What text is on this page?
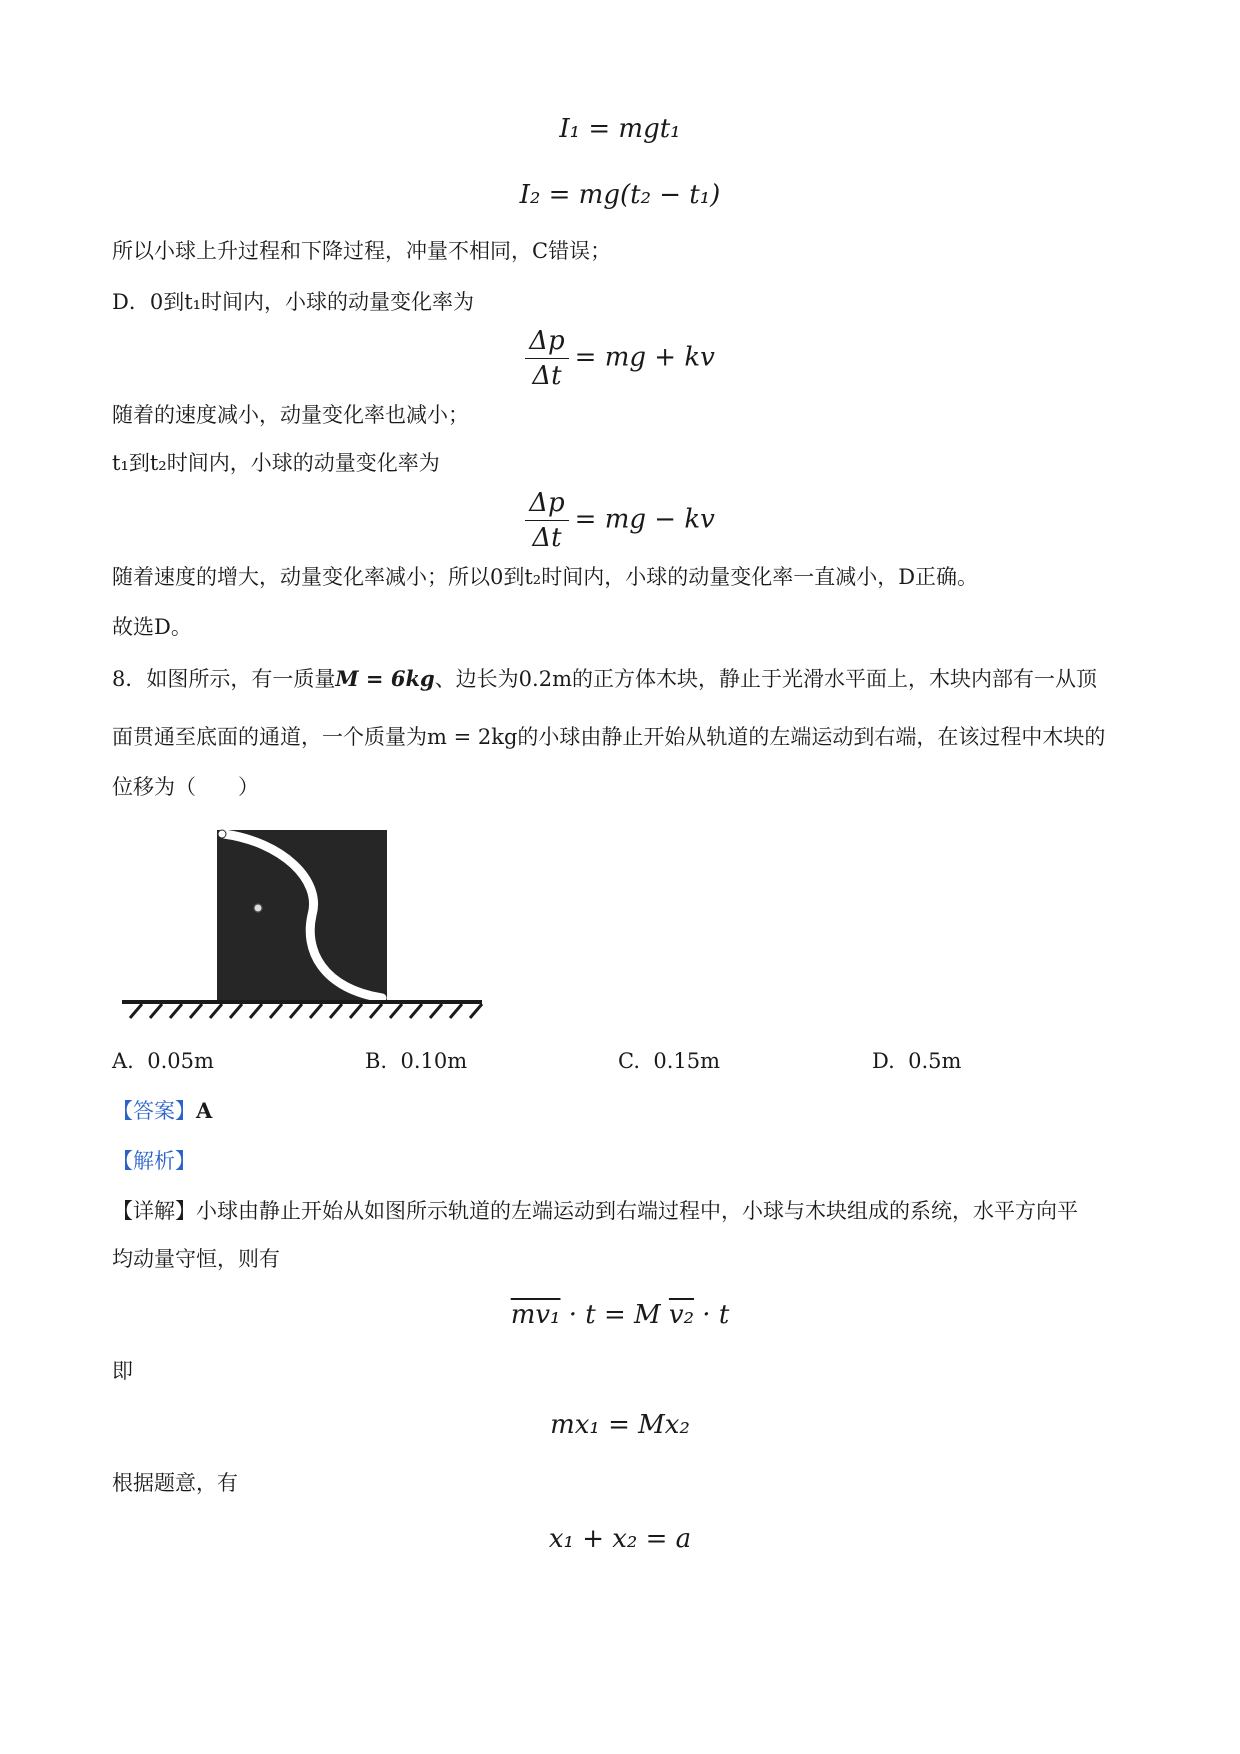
I₁ = mgt₁
I₂ = mg(t₂ − t₁)
所以小球上升过程和下降过程，冲量不相同，C错误；
D．0到t₁时间内，小球的动量变化率为
$\frac{\Delta p}{\Delta t}$ = mg + kv
随着的速度减小，动量变化率也减小；
t₁到t₂时间内，小球的动量变化率为
$\frac{\Delta p}{\Delta t}$ = mg − kv
随着速度的增大，动量变化率减小；所以0到t₂时间内，小球的动量变化率一直减小，D正确。
故选D。
8．如图所示，有一质量M = 6kg、边长为0.2m的正方体木块，静止于光滑水平面上，木块内部有一从顶
面贯通至底面的通道，一个质量为m = 2kg的小球由静止开始从轨道的左端运动到右端，在该过程中木块的
位移为（　　）
A. 0.05m	B. 0.10m	C. 0.15m	D. 0.5m
【答案】A
【解析】
【详解】小球由静止开始从如图所示轨道的左端运动到右端过程中，小球与木块组成的系统，水平方向平
均动量守恒，则有
mv₁ · t = M v₂ · t
即
mx₁ = Mx₂
根据题意，有
x₁ + x₂ = a
